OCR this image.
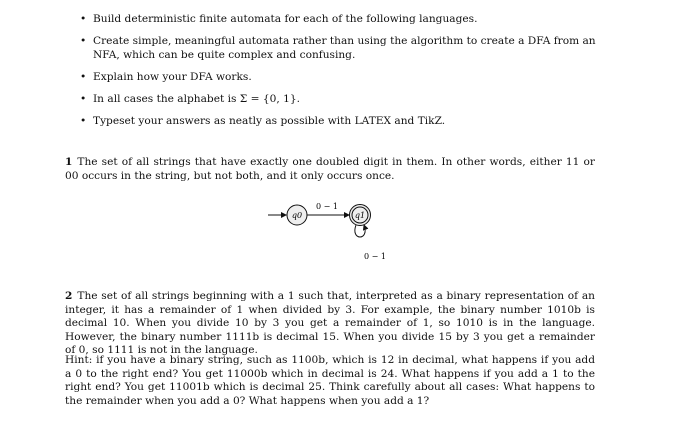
• Build deterministic finite automata for each of the following languages.
• Create simple, meaningful automata rather than using the algorithm to create a DFA from an NFA, which can be quite complex and confusing.
• Explain how your DFA works.
• In all cases the alphabet is Σ = {0, 1}.
• Typeset your answers as neatly as possible with LATEX and TikZ.

1 The set of all strings that have exactly one doubled digit in them. In other words, either 11 or 00 occurs in the string, but not both, and it only occurs once.

q0
0 − 1
q1
0 − 1

2 The set of all strings beginning with a 1 such that, interpreted as a binary representation of an integer, it has a remainder of 1 when divided by 3. For example, the binary number 1010b is decimal 10. When you divide 10 by 3 you get a remainder of 1, so 1010 is in the language. However, the binary number 1111b is decimal 15. When you divide 15 by 3 you get a remainder of 0, so 1111 is not in the language.

Hint: if you have a binary string, such as 1100b, which is 12 in decimal, what happens if you add a 0 to the right end? You get 11000b which in decimal is 24. What happens if you add a 1 to the right end? You get 11001b which is decimal 25. Think carefully about all cases: What happens to the remainder when you add a 0? What happens when you add a 1?
